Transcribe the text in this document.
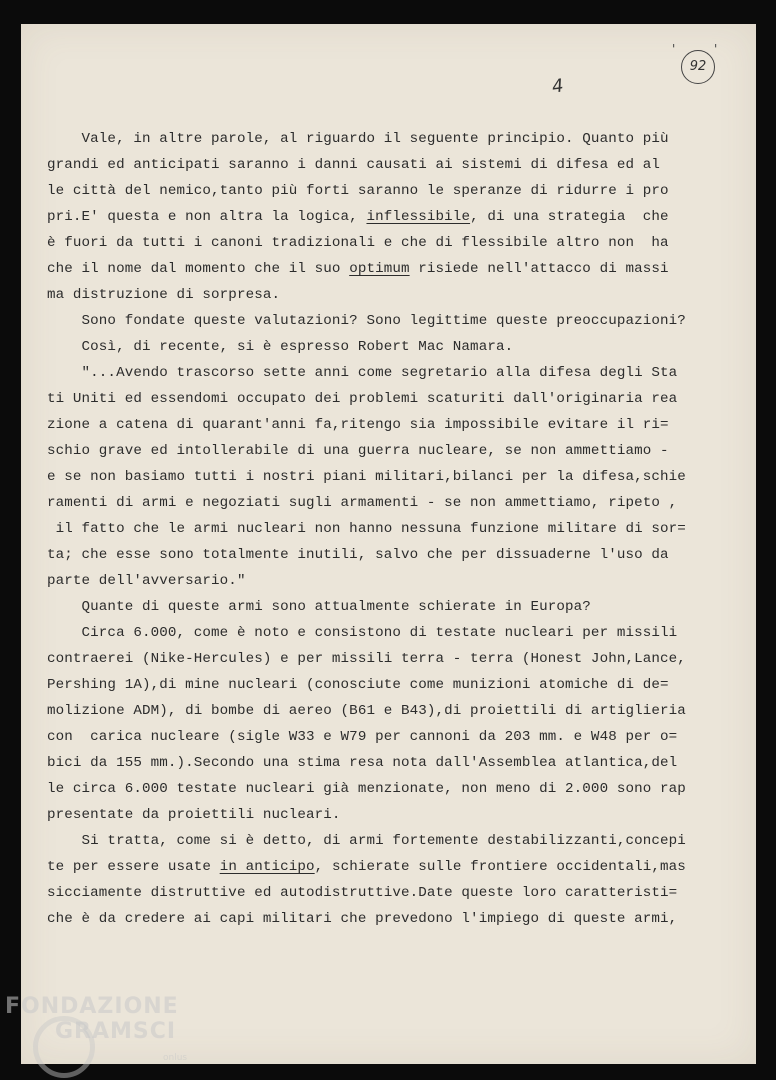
4
'	'
92
Vale, in altre parole, al riguardo il seguente principio. Quanto più
grandi ed anticipati saranno i danni causati ai sistemi di difesa ed al
le città del nemico,tanto più forti saranno le speranze di ridurre i pro
pri.E' questa e non altra la logica, inflessibile, di una strategia  che
è fuori da tutti i canoni tradizionali e che di flessibile altro non  ha
che il nome dal momento che il suo optimum risiede nell'attacco di massi
ma distruzione di sorpresa.
Sono fondate queste valutazioni? Sono legittime queste preoccupazioni?
Così, di recente, si è espresso Robert Mac Namara.
"...Avendo trascorso sette anni come segretario alla difesa degli Sta
ti Uniti ed essendomi occupato dei problemi scaturiti dall'originaria rea
zione a catena di quarant'anni fa,ritengo sia impossibile evitare il ri=
schio grave ed intollerabile di una guerra nucleare, se non ammettiamo -
e se non basiamo tutti i nostri piani militari,bilanci per la difesa,schie
ramenti di armi e negoziati sugli armamenti - se non ammettiamo, ripeto ,
il fatto che le armi nucleari non hanno nessuna funzione militare di sor=
ta; che esse sono totalmente inutili, salvo che per dissuaderne l'uso da
parte dell'avversario."
Quante di queste armi sono attualmente schierate in Europa?
Circa 6.000, come è noto e consistono di testate nucleari per missili
contraerei (Nike-Hercules) e per missili terra - terra (Honest John,Lance,
Pershing 1A),di mine nucleari (conosciute come munizioni atomiche di de=
molizione ADM), di bombe di aereo (B61 e B43),di proiettili di artiglieria
con  carica nucleare (sigle W33 e W79 per cannoni da 203 mm. e W48 per o=
bici da 155 mm.).Secondo una stima resa nota dall'Assemblea atlantica,del
le circa 6.000 testate nucleari già menzionate, non meno di 2.000 sono rap
presentate da proiettili nucleari.
Si tratta, come si è detto, di armi fortemente destabilizzanti,concepi
te per essere usate in anticipo, schierate sulle frontiere occidentali,mas
sicciamente distruttive ed autodistruttive.Date queste loro caratteristi=
che è da credere ai capi militari che prevedono l'impiego di queste armi,
FONDAZIONE
GRAMSCI
onlus
